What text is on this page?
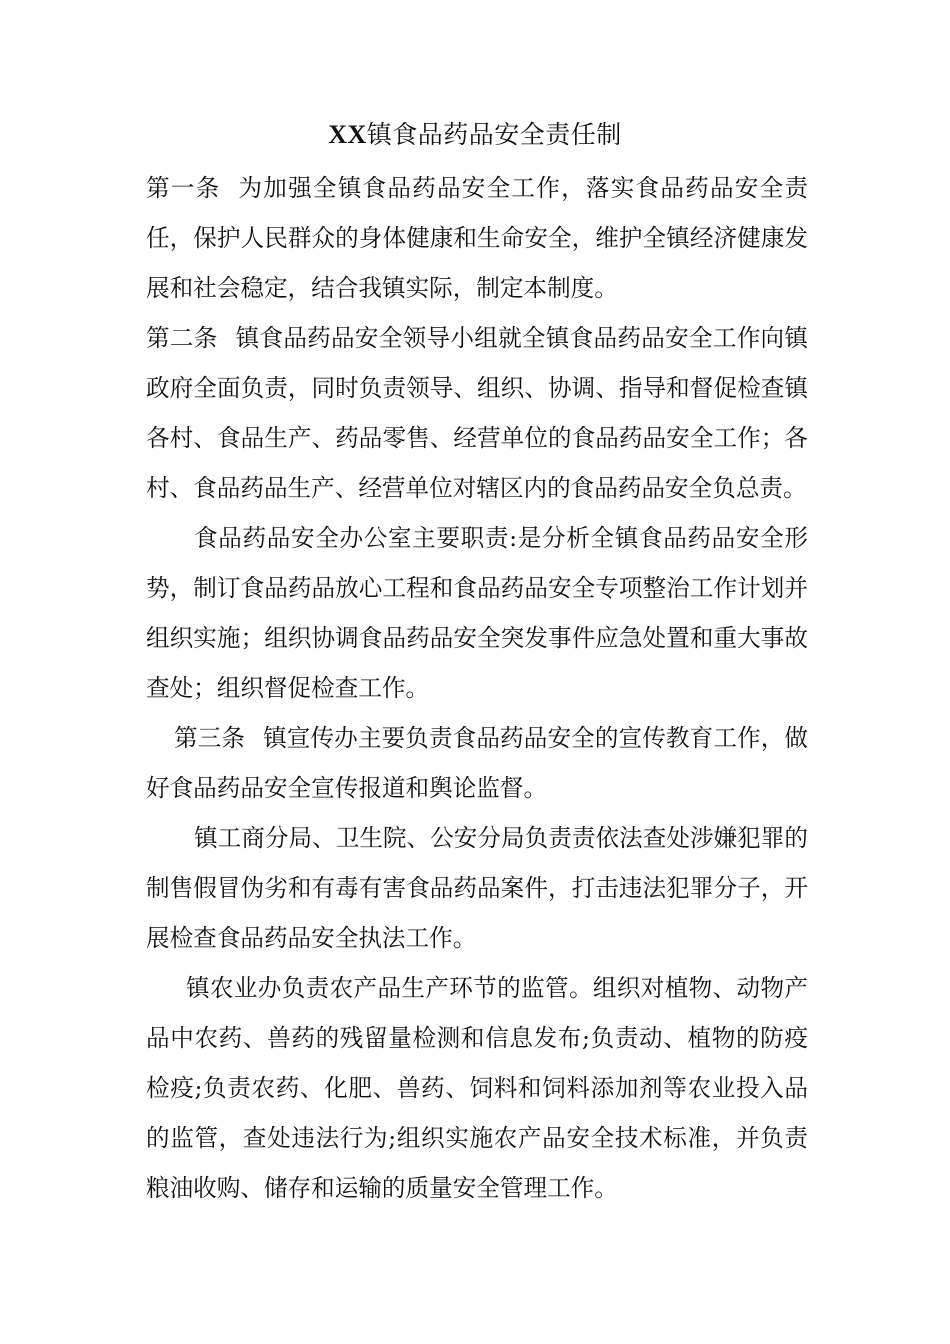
XX镇食品药品安全责任制

第一条 为加强全镇食品药品安全工作，落实食品药品安全责任，保护人民群众的身体健康和生命安全，维护全镇经济健康发展和社会稳定，结合我镇实际，制定本制度。

第二条 镇食品药品安全领导小组就全镇食品药品安全工作向镇政府全面负责，同时负责领导、组织、协调、指导和督促检查镇各村、食品生产、药品零售、经营单位的食品药品安全工作；各村、食品药品生产、经营单位对辖区内的食品药品安全负总责。

食品药品安全办公室主要职责:是分析全镇食品药品安全形势，制订食品药品放心工程和食品药品安全专项整治工作计划并组织实施；组织协调食品药品安全突发事件应急处置和重大事故查处；组织督促检查工作。

第三条 镇宣传办主要负责食品药品安全的宣传教育工作，做好食品药品安全宣传报道和舆论监督。

镇工商分局、卫生院、公安分局负责责依法查处涉嫌犯罪的制售假冒伪劣和有毒有害食品药品案件，打击违法犯罪分子，开展检查食品药品安全执法工作。

镇农业办负责农产品生产环节的监管。组织对植物、动物产品中农药、兽药的残留量检测和信息发布;负责动、植物的防疫检疫;负责农药、化肥、兽药、饲料和饲料添加剂等农业投入品的监管，查处违法行为;组织实施农产品安全技术标准，并负责粮油收购、储存和运输的质量安全管理工作。
